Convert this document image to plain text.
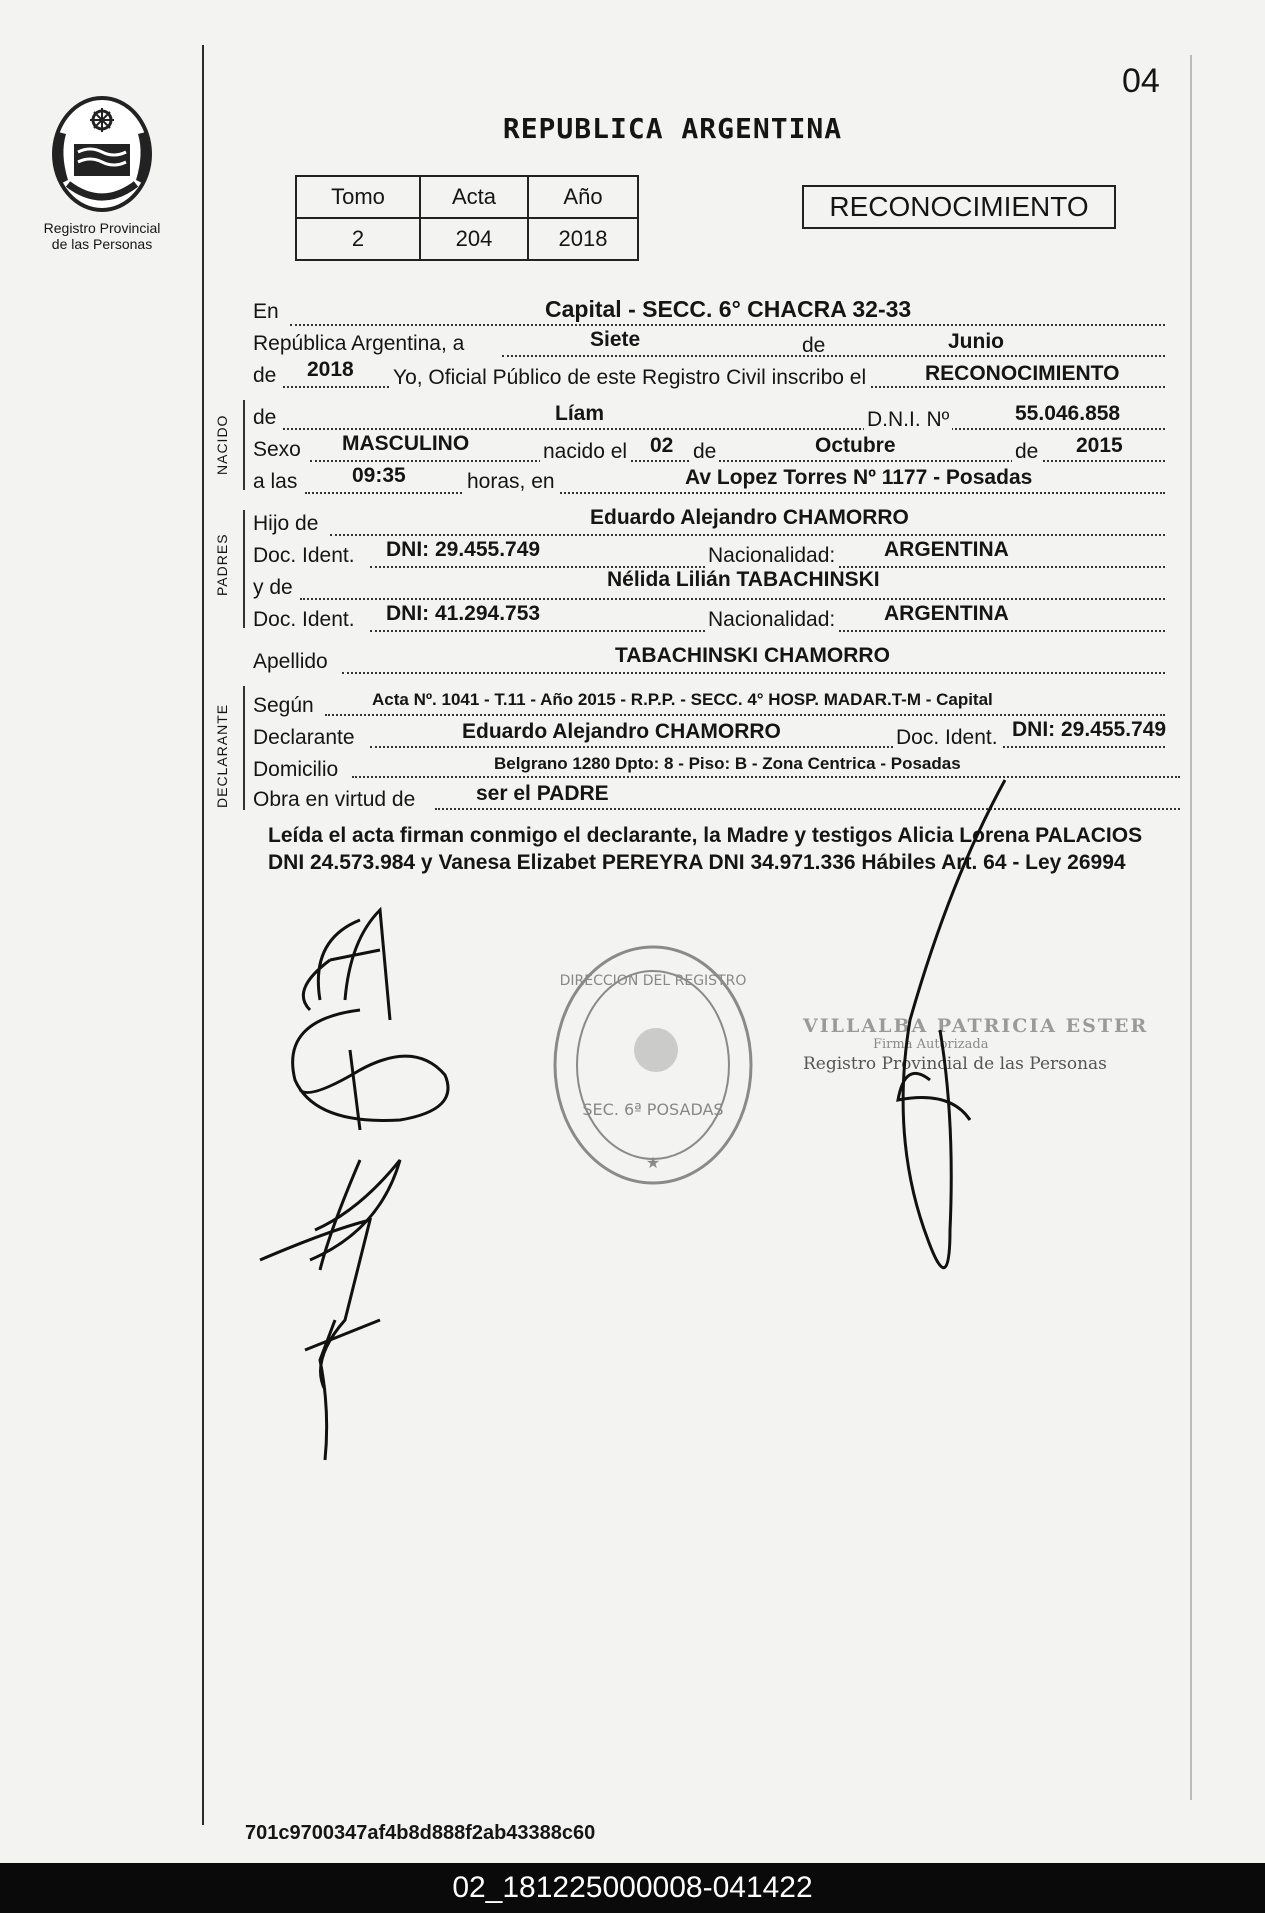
04
Registro Provincial de las Personas
REPUBLICA ARGENTINA
Tomo	Acta	Año
2	204	2018
RECONOCIMIENTO
En	Capital - SECC. 6° CHACRA 32-33
República Argentina, a	Siete	de	Junio
de 2018 Yo, Oficial Público de este Registro Civil inscribo el	RECONOCIMIENTO
NACIDO de	Líam	D.N.I. Nº	55.046.858
Sexo MASCULINO	nacido el 02 de	Octubre	de 2015
a las	09:35	horas, en	Av Lopez Torres Nº 1177 - Posadas
PADRES
Hijo de	Eduardo Alejandro CHAMORRO
Doc. Ident. DNI: 29.455.749	Nacionalidad: ARGENTINA
y de	Nélida Lilián TABACHINSKI
Doc. Ident. DNI: 41.294.753	Nacionalidad: ARGENTINA
Apellido	TABACHINSKI CHAMORRO
DECLARANTE Según	Acta Nº. 1041 - T.11 - Año 2015 - R.P.P. - SECC. 4° HOSP. MADAR.T-M - Capital
Declarante	Eduardo Alejandro CHAMORRO	Doc. Ident. DNI: 29.455.749
Domicilio	Belgrano 1280 Dpto: 8 - Piso: B - Zona Centrica - Posadas
Obra en virtud de	ser el PADRE
Leída el acta firman conmigo el declarante, la Madre y testigos Alicia Lorena PALACIOS DNI 24.573.984 y Vanesa Elizabet PEREYRA DNI 34.971.336 Hábiles Art. 64 - Ley 26994
DIRECCION DEL REGISTRO
SEC. 6ª POSADAS
★
VILLALBA PATRICIA ESTER
Firma Autorizada
Registro Provincial de las Personas
701c9700347af4b8d888f2ab43388c60
02_181225000008-041422
